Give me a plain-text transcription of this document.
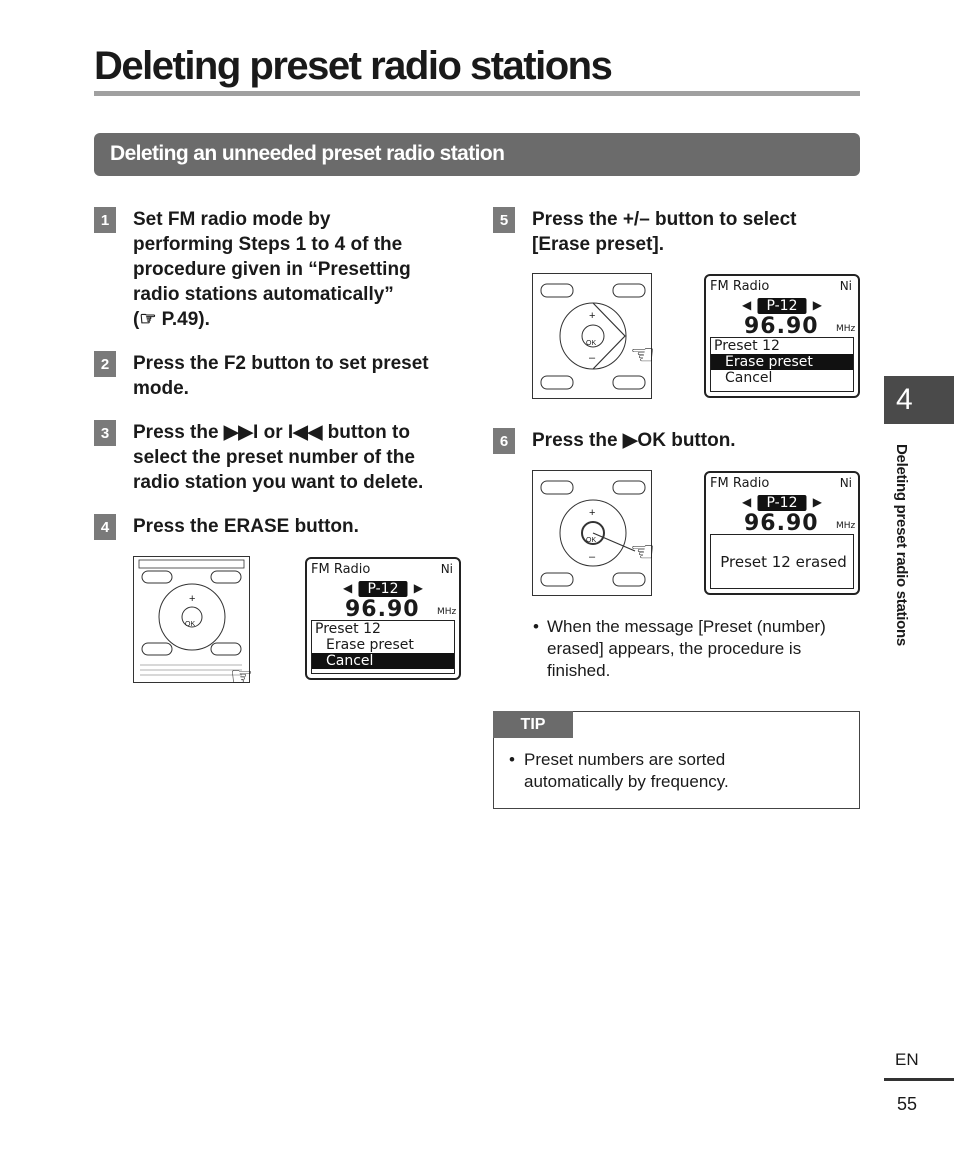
Deleting preset radio stations
Deleting an unneeded preset radio station
1	Set FM radio mode by
performing Steps 1 to 4 of the
procedure given in “Presetting
radio stations automatically”
(☞ P.49).
2	Press the F2 button to set preset
mode.
3	Press the ▶▶I or I◀◀ button to
select the preset number of the
radio station you want to delete.
4	Press the ERASE button.
+
OK
☞
FM Radio	Ni
◀	P-12	▶
96.90 MHz
Preset 12
Erase preset
Cancel
5	Press the +/– button to select
[Erase preset].
+
–
OK ☜
FM Radio	Ni
◀	P-12	▶
96.90 MHz
Preset 12
Erase preset
Cancel
6	Press the ▶OK button.
+
–
OK ☜
FM Radio	Ni
◀	P-12	▶
96.90 MHz
Preset 12 erased
• When the message [Preset (number)
erased] appears, the procedure is
finished.
TIP
• Preset numbers are sorted
automatically by frequency.
4
Deleting preset radio stations
EN
55
